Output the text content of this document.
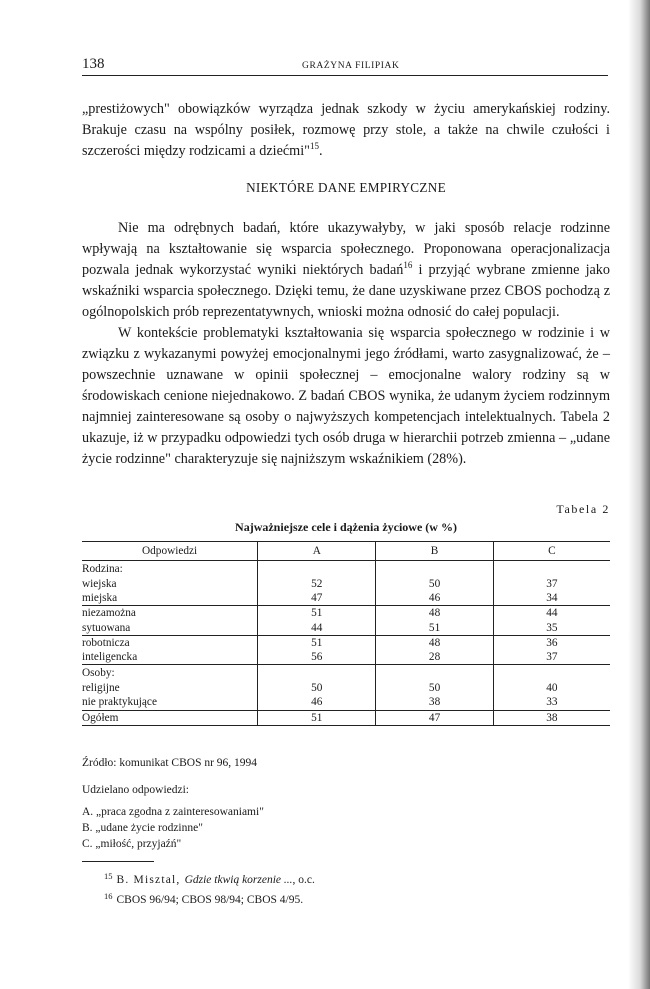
138	GRAŻYNA FILIPIAK

„prestiżowych" obowiązków wyrządza jednak szkody w życiu amerykańskiej rodziny. Brakuje czasu na wspólny posiłek, rozmowę przy stole, a także na chwile czułości i szczerości między rodzicami a dziećmi"$^{15}$.

NIEKTÓRE DANE EMPIRYCZNE

Nie ma odrębnych badań, które ukazywałyby, w jaki sposób relacje rodzinne wpływają na kształtowanie się wsparcia społecznego. Proponowana operacjonalizacja pozwala jednak wykorzystać wyniki niektórych badań$^{16}$ i przyjąć wybrane zmienne jako wskaźniki wsparcia społecznego. Dzięki temu, że dane uzyskiwane przez CBOS pochodzą z ogólnopolskich prób reprezentatywnych, wnioski można odnosić do całej populacji.

W kontekście problematyki kształtowania się wsparcia społecznego w rodzinie i w związku z wykazanymi powyżej emocjonalnymi jego źródłami, warto zasygnalizować, że – powszechnie uznawane w opinii społecznej – emocjonalne walory rodziny są w środowiskach cenione niejednakowo. Z badań CBOS wynika, że udanym życiem rodzinnym najmniej zainteresowane są osoby o najwyższych kompetencjach intelektualnych. Tabela 2 ukazuje, iż w przypadku odpowiedzi tych osób druga w hierarchii potrzeb zmienna – „udane życie rodzinne" charakteryzuje się najniższym wskaźnikiem (28%).

Tabela 2
Najważniejsze cele i dążenia życiowe (w %)
Odpowiedzi	A	B	C
Rodzina:			
wiejska	52	50	37
miejska	47	46	34
niezamożna	51	48	44
sytuowana	44	51	35
robotnicza	51	48	36
inteligencka	56	28	37
Osoby:			
religijne	50	50	40
nie praktykujące	46	38	33
Ogółem	51	47	38
Źródło: komunikat CBOS nr 96, 1994
Udzielano odpowiedzi:
A. „praca zgodna z zainteresowaniami"
B. „udane życie rodzinne"
C. „miłość, przyjaźń"
$^{15}$ B. Misztal, Gdzie tkwią korzenie ..., o.c.
$^{16}$ CBOS 96/94; CBOS 98/94; CBOS 4/95.
